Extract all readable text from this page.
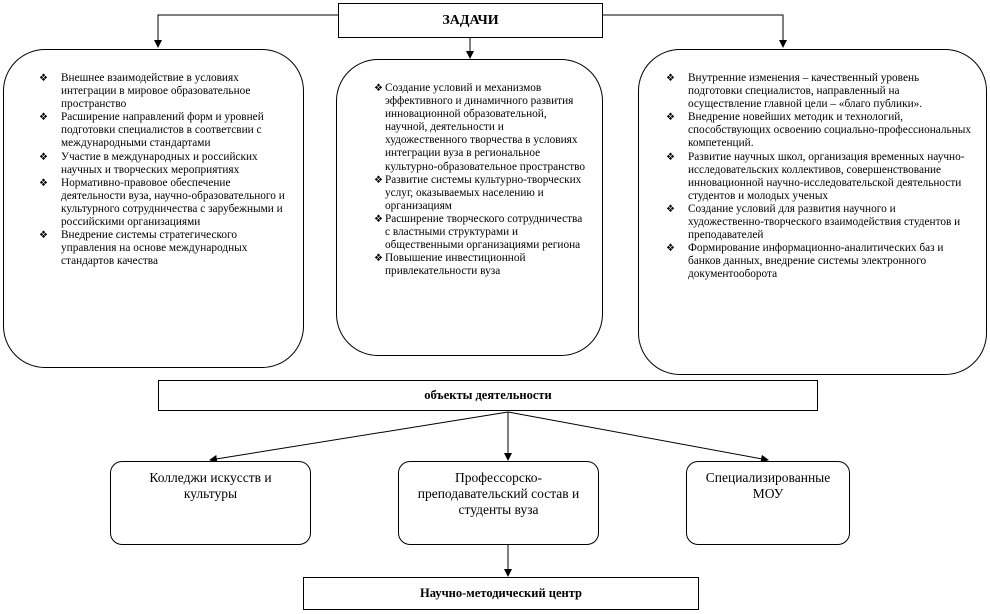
ЗАДАЧИ
❖ Внешнее взаимодействие в условиях интеграции в мировое образовательное пространство
❖ Расширение направлений форм и уровней подготовки специалистов в соответсвии с международными стандартами
❖ Участие в международных и российских научных и творческих мероприятиях
❖ Нормативно-правовое обеспечение деятельности вуза, научно-образовательного и культурного сотрудничества с зарубежными и российскими организациями
❖ Внедрение системы стратегического управления на основе международных стандартов качества
❖ Создание условий и механизмов эффективного и динамичного развития инновационной образовательной, научной, деятельности и художественного творчества в условиях интеграции вуза в региональное культурно-образовательное пространство
❖ Развитие системы культурно-творческих услуг, оказываемых населению и организациям
❖ Расширение творческого сотрудничества с властными структурами и общественными организациями региона
❖ Повышение инвестиционной привлекательности вуза
❖ Внутренние изменения – качественный уровень подготовки специалистов, направленный на осуществление главной цели – «благо публики».
❖ Внедрение новейших методик и технологий, способствующих освоению социально-профессиональных компетенций.
❖ Развитие научных школ, организация временных научно-исследовательских коллективов, совершенствование инновационной научно-исследовательской деятельности студентов и молодых ученых
❖ Создание условий для развития научного и художественно-творческого взаимодействия студентов и преподавателей
❖ Формирование информационно-аналитических баз и банков данных, внедрение системы электронного документооборота
объекты деятельности
Колледжи искусств и культуры
Профессорско-преподавательский состав и студенты вуза
Специализированные МОУ
Научно-методический центр
